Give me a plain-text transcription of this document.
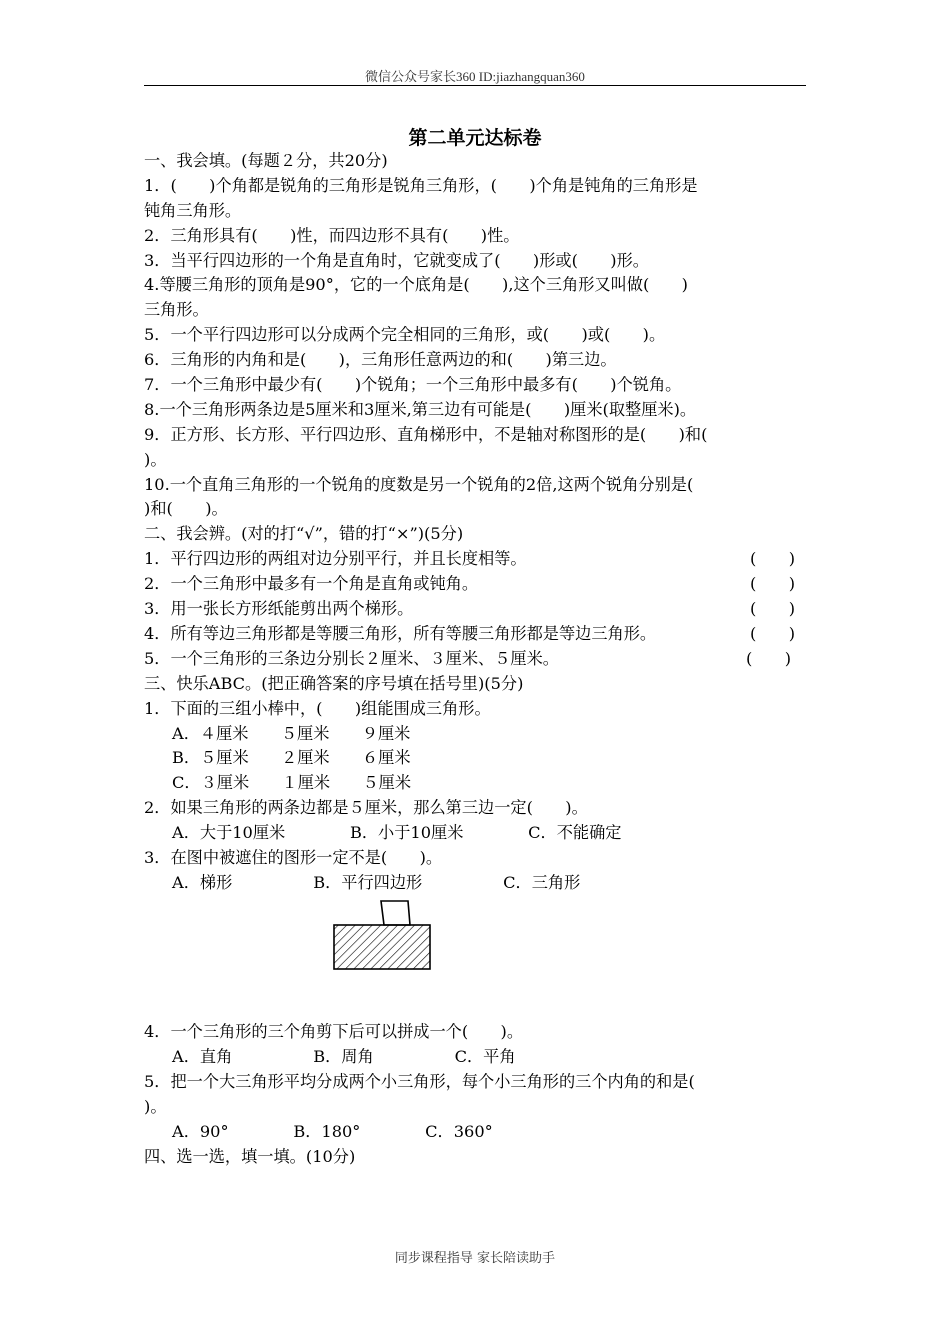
微信公众号家长360 ID:jiazhangquan360
第二单元达标卷
一、我会填。(每题２分，共20分)
1．(　　)个角都是锐角的三角形是锐角三角形，(　　)个角是钝角的三角形是
钝角三角形。
2．三角形具有(　　)性，而四边形不具有(　　)性。
3．当平行四边形的一个角是直角时，它就变成了(　　)形或(　　)形。
4.等腰三角形的顶角是90°，它的一个底角是(　　),这个三角形又叫做(　　)
三角形。
5．一个平行四边形可以分成两个完全相同的三角形，或(　　)或(　　)。
6．三角形的内角和是(　　)，三角形任意两边的和(　　)第三边。
7．一个三角形中最少有(　　)个锐角；一个三角形中最多有(　　)个锐角。
8.一个三角形两条边是5厘米和3厘米,第三边有可能是(　　)厘米(取整厘米)。
9．正方形、长方形、平行四边形、直角梯形中，不是轴对称图形的是(　　)和(
)。
10.一个直角三角形的一个锐角的度数是另一个锐角的2倍,这两个锐角分别是(
)和(　　)。
二、我会辨。(对的打“√”，错的打“×”)(5分)
1．平行四边形的两组对边分别平行，并且长度相等。	(　　)
2．一个三角形中最多有一个角是直角或钝角。	(　　)
3．用一张长方形纸能剪出两个梯形。	(　　)
4．所有等边三角形都是等腰三角形，所有等腰三角形都是等边三角形。	(　　)
5．一个三角形的三条边分别长２厘米、３厘米、５厘米。	(　　)
三、快乐ABC。(把正确答案的序号填在括号里)(5分)
1．下面的三组小棒中，(　　)组能围成三角形。
A．４厘米　　５厘米　　９厘米
B．５厘米　　２厘米　　６厘米
C．３厘米　　１厘米　　５厘米
2．如果三角形的两条边都是５厘米，那么第三边一定(　　)。
A．大于10厘米　　　　B．小于10厘米　　　　C．不能确定
3．在图中被遮住的图形一定不是(　　)。
A．梯形　　　　　B．平行四边形　　　　　C．三角形
4．一个三角形的三个角剪下后可以拼成一个(　　)。
A．直角　　　　　B．周角　　　　　C．平角
5．把一个大三角形平均分成两个小三角形，每个小三角形的三个内角的和是(
)。
A．90°　　　　B．180°　　　　C．360°
四、选一选，填一填。(10分)
同步课程指导 家长陪读助手
